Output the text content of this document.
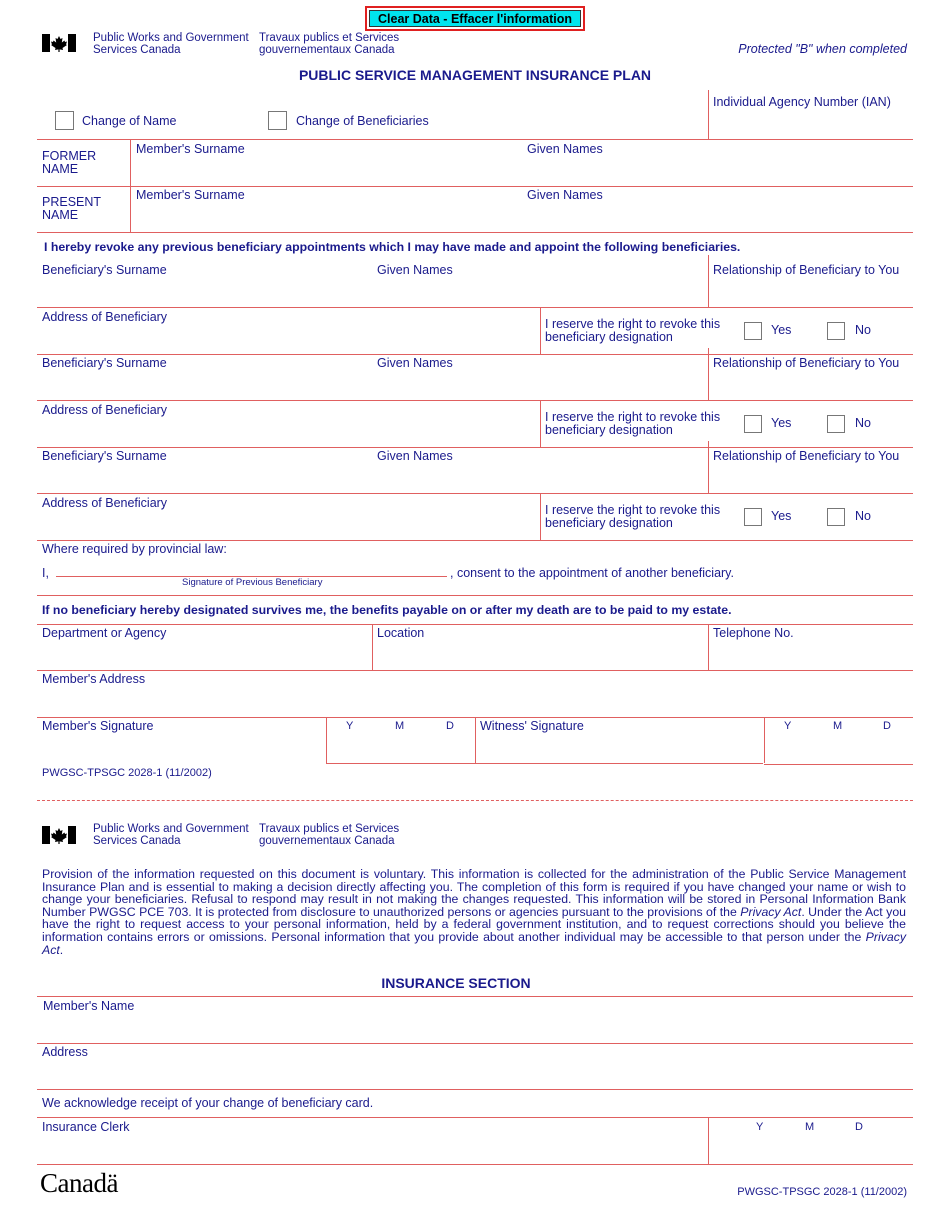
Clear Data - Effacer l'information
Public Works and Government
Services Canada
Travaux publics et Services
gouvernementaux Canada	Protected "B" when completed
PUBLIC SERVICE MANAGEMENT INSURANCE PLAN
Change of Name	Change of Beneficiaries
Individual Agency Number (IAN)
FORMER
NAME
Member's Surname	Given Names
PRESENT
NAME
Member's Surname	Given Names
I hereby revoke any previous beneficiary appointments which I may have made and appoint the following beneficiaries.
Beneficiary's Surname	Given Names	Relationship of Beneficiary to You
Address of Beneficiary	I reserve the right to revoke this
beneficiary designation	Yes	No
Beneficiary's Surname	Given Names	Relationship of Beneficiary to You
Address of Beneficiary	I reserve the right to revoke this
beneficiary designation	Yes	No
Beneficiary's Surname	Given Names	Relationship of Beneficiary to You
Address of Beneficiary	I reserve the right to revoke this
beneficiary designation	Yes	No
Where required by provincial law:
I,
Signature of Previous Beneficiary
, consent to the appointment of another beneficiary.
If no beneficiary hereby designated survives me, the benefits payable on or after my death are to be paid to my estate.
Department or Agency	Location	Telephone No.
Member's Address
Member's Signature	Y	M	D Witness' Signature	Y	M	D
PWGSC-TPSGC 2028-1 (11/2002)
Public Works and Government
Services Canada
Travaux publics et Services
gouvernementaux Canada
Provision of the information requested on this document is voluntary. This information is collected for the administration of the Public Service Management Insurance Plan and is essential to making a decision directly affecting you. The completion of this form is required if you have changed your name or wish to change your beneficiaries. Refusal to respond may result in not making the changes requested. This information will be stored in Personal Information Bank Number PWGSC PCE 703. It is protected from disclosure to unauthorized persons or agencies pursuant to the provisions of the Privacy Act. Under the Act you have the right to request access to your personal information, held by a federal government institution, and to request corrections should you believe the information contains errors or omissions. Personal information that you provide about another individual may be accessible to that person under the Privacy Act.
INSURANCE SECTION
Member's Name
Address
We acknowledge receipt of your change of beneficiary card.
Insurance Clerk	Y	M	D
Canadä	PWGSC-TPSGC 2028-1 (11/2002)
